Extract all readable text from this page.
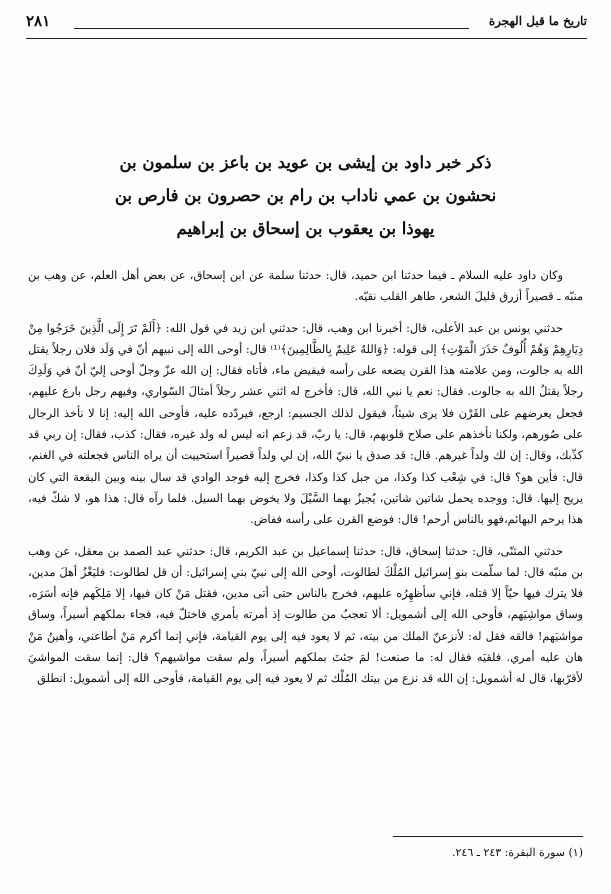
٢٨١	تاريخ ما قبل الهجرة
ذكر خبر داود بن إيشى بن عويد بن باعز بن سلمون بن
نحشون بن عمي ناداب بن رام بن حصرون بن فارص بن
يهوذا بن يعقوب بن إسحاق بن إبراهيم

وكان داود عليه السلام ـ فيما حدثنا ابن حميد، قال: حدثنا سلمة عن ابن إسحاق، عن بعض أهل العلم، عن وهب بن منبّه ـ قصيراً أزرق قليلَ الشعر، طاهر القلب نقيّه.

حدثني يونس بن عبد الأعلى، قال: أخبرنا ابن وهب، قال: حدثني ابن زيد في قول الله: ﴿أَلَمْ تَرَ إِلَى الَّذِينَ خَرَجُوا مِنْ دِيَارِهِمْ وَهُمْ أُلُوفٌ حَذَرَ الْمَوْتِ﴾ إلى قوله: ﴿وَاللهُ عَلِيمٌ بِالظَّالِمِينَ﴾⁽¹⁾ قال: أوحى الله إلى نبيهم أنّ في وَلَد فلان رجلاً يقتل الله به جالوت، ومن علامته هذا القرن يضعه على رأسه فيفيض ماء، فأتاه فقال: إن الله عزّ وجلّ أوحى إليّ أنّ في وَلَدِكَ رجلاً يقتلُ الله به جالوت. فقال: نعم يا نبي الله، قال: فأخرج له اثني عشر رجلاً أمثالَ السّواري، وفيهم رجل بارع عليهم، فجعل يعرضهم على القَرْن فلا يرى شيئاً، فيقول لذلك الجسيم: ارجع، فيردّده عليه، فأوحى الله إليه: إنا لا نأخذ الرجال على صُورهم، ولكنا نأخذهم على صلاح قلوبهم، قال: يا ربّ، قد زعم انه ليس له ولد غيره، فقال: كذب، فقال: إن ربي قد كذّبك، وقال: إن لك ولداً غيرهم. قال: قد صدق يا نبيّ الله، إن لي ولداً قصيراً استحييت أن يراه الناس فجعلته في الغنم، قال: فأين هو؟ قال: في شِعْب كذا وكذا، من جبل كذا وكذا، فخرج إليه فوجد الوادي قد سال بينه وبين البقعة التي كان يريح إليها. قال: ووجده يحمل شاتين شاتين، يُجيزُ بهما السَّيْلَ ولا يخوض بهما السيل. فلما رآه قال: هذا هو، لا شكّ فيه، هذا يرحم البهائم،فهو بالناس أرحم! قال: فوضع القرن على رأسه ففاض.

حدثني المثنّى، قال: حدثنا إسحاق، قال: حدثنا إسماعيل بن عبد الكريم، قال: حدثني عبد الصمد بن معقل، عن وهب بن منبّه قال: لما سلّمت بنو إسرائيل المُلْكَ لطالوت، أوحى الله إلى نبيّ بني إسرائيل: أن قل لطالوت: فليَغْزُ أهلَ مدين، فلا يترك فيها حيّاً إلا قتله، فإني سأظهِرُه عليهم، فخرج بالناس حتى أتى مدين، فقتل مَنْ كان فيها، إلا مَلِكَهم فإنه أسَرَه، وساق مواشِيَهم، فأوحى الله إلى أشمويل: ألا تعجبُ من طالوت إذ أمرته بأمري فاختلّ فيه، فجاء بملكهم أسيراً، وساق مواشيَهم! فالقه فقل له: لأنزعنّ الملك من بيته، ثم لا يعود فيه إلى يوم القيامة، فإني إنما أكرم مَنْ أطاعني، وأهينُ مَنْ هان عليه أمري. فلقيَه فقال له: ما صنعت! لمَ جئتَ بملكهم أسيراً، ولم سقت مواشيهم؟ قال: إنما سقت المواشيَ لأقرّبها، قال له أشمويل: إن الله قد نزع من بيتك المُلْك ثم لا يعود فيه إلى يوم القيامة، فأوحى الله إلى أشمويل: انطلق

(١) سورة البقرة: ٢٤٣ ـ ٢٤٦.
